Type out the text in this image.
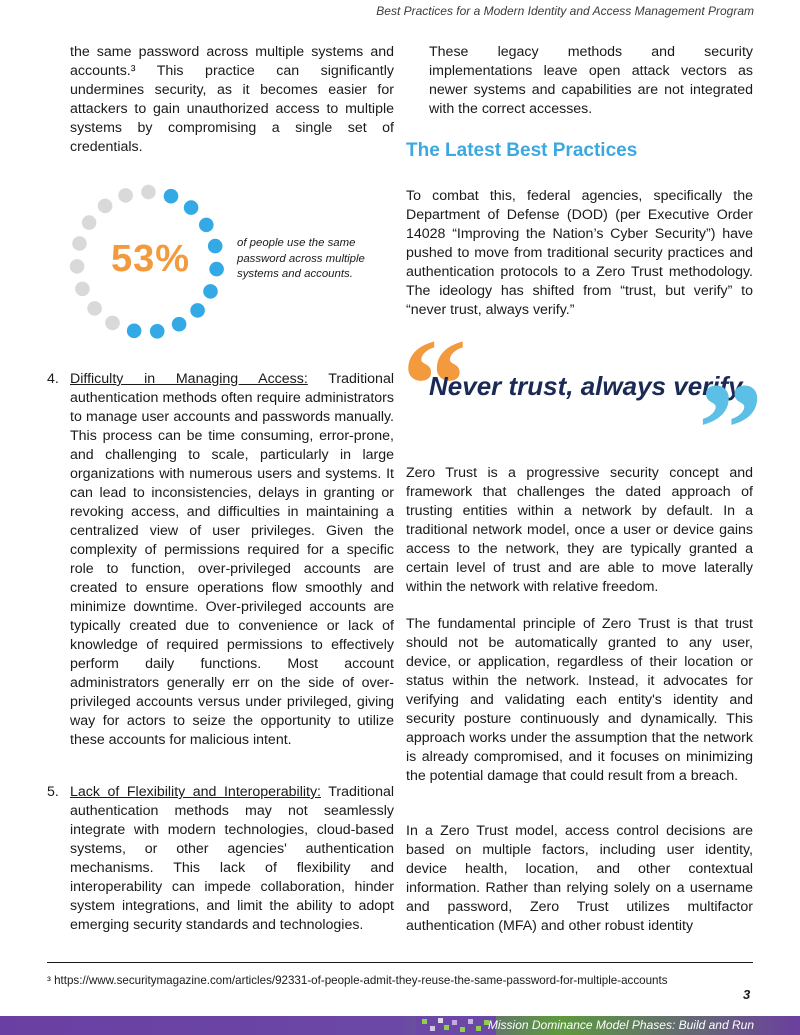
Best Practices for a Modern Identity and Access Management Program

the same password across multiple systems and accounts.³ This practice can significantly undermines security, as it becomes easier for attackers to gain unauthorized access to multiple systems by compromising a single set of credentials.

These legacy methods and security implementations leave open attack vectors as newer systems and capabilities are not integrated with the correct accesses.

The Latest Best Practices

To combat this, federal agencies, specifically the Department of Defense (DOD) (per Executive Order 14028 “Improving the Nation’s Cyber Security”) have pushed to move from traditional security practices and authentication protocols to a Zero Trust methodology. The ideology has shifted from “trust, but verify” to “never trust, always verify.”

53%	of people use the same password across multiple systems and accounts.
“

Never trust, always verify.

”
4. Difficulty in Managing Access: Traditional authentication methods often require administrators to manage user accounts and passwords manually. This process can be time consuming, error-prone, and challenging to scale, particularly in large organizations with numerous users and systems. It can lead to inconsistencies, delays in granting or revoking access, and difficulties in maintaining a centralized view of user privileges. Given the complexity of permissions required for a specific role to function, over-privileged accounts are created to ensure operations flow smoothly and minimize downtime. Over-privileged accounts are typically created due to convenience or lack of knowledge of required permissions to effectively perform daily functions. Most account administrators generally err on the side of over-privileged accounts versus under privileged, giving way for actors to seize the opportunity to utilize these accounts for malicious intent.
5. Lack of Flexibility and Interoperability: Traditional authentication methods may not seamlessly integrate with modern technologies, cloud-based systems, or other agencies' authentication mechanisms. This lack of flexibility and interoperability can impede collaboration, hinder system integrations, and limit the ability to adopt emerging security standards and technologies.

Zero Trust is a progressive security concept and framework that challenges the dated approach of trusting entities within a network by default. In a traditional network model, once a user or device gains access to the network, they are typically granted a certain level of trust and are able to move laterally within the network with relative freedom.

The fundamental principle of Zero Trust is that trust should not be automatically granted to any user, device, or application, regardless of their location or status within the network. Instead, it advocates for verifying and validating each entity's identity and security posture continuously and dynamically. This approach works under the assumption that the network is already compromised, and it focuses on minimizing the potential damage that could result from a breach.

In a Zero Trust model, access control decisions are based on multiple factors, including user identity, device health, location, and other contextual information. Rather than relying solely on a username and password, Zero Trust utilizes multifactor authentication (MFA) and other robust identity

³ https://www.securitymagazine.com/articles/92331-of-people-admit-they-reuse-the-same-password-for-multiple-accounts
3
Mission Dominance Model Phases: Build and Run
